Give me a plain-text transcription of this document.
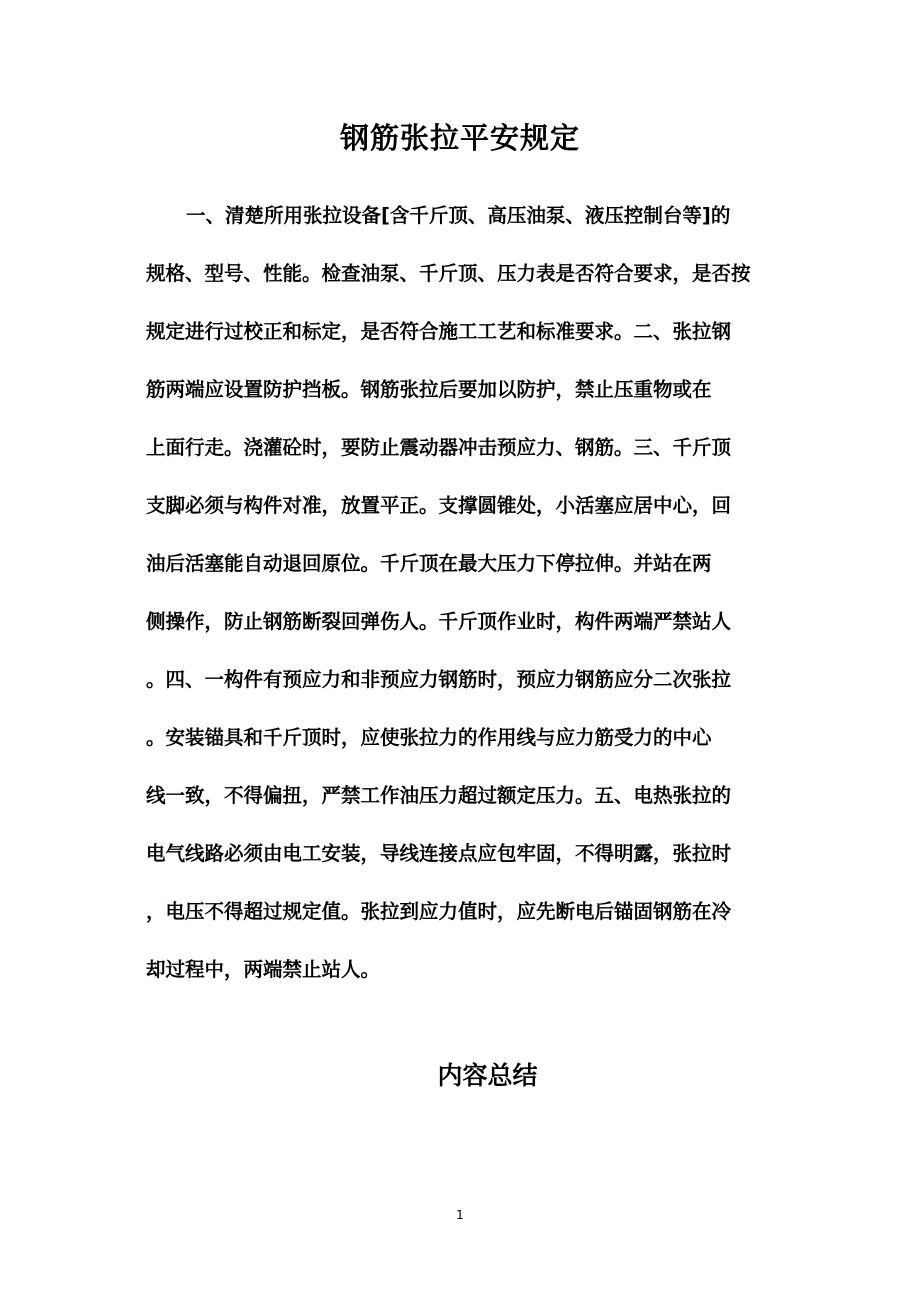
钢筋张拉平安规定
一、清楚所用张拉设备[含千斤顶、高压油泵、液压控制台等]的
规格、型号、性能。检查油泵、千斤顶、压力表是否符合要求，是否按
规定进行过校正和标定，是否符合施工工艺和标准要求。二、张拉钢
筋两端应设置防护挡板。钢筋张拉后要加以防护，禁止压重物或在
上面行走。浇灌砼时，要防止震动器冲击预应力、钢筋。三、千斤顶
支脚必须与构件对准，放置平正。支撑圆锥处，小活塞应居中心，回
油后活塞能自动退回原位。千斤顶在最大压力下停拉伸。并站在两
侧操作，防止钢筋断裂回弹伤人。千斤顶作业时，构件两端严禁站人
。四、一构件有预应力和非预应力钢筋时，预应力钢筋应分二次张拉
。安装锚具和千斤顶时，应使张拉力的作用线与应力筋受力的中心
线一致，不得偏扭，严禁工作油压力超过额定压力。五、电热张拉的
电气线路必须由电工安装，导线连接点应包牢固，不得明露，张拉时
，电压不得超过规定值。张拉到应力值时，应先断电后锚固钢筋在冷
却过程中，两端禁止站人。
内容总结
1
